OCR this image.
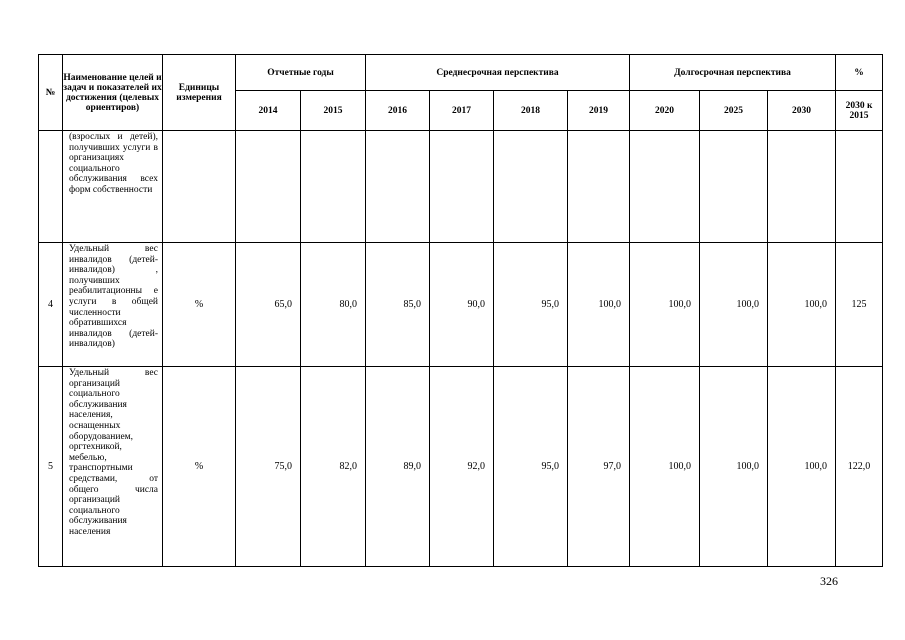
№	Наименование целей и задач и показателей их достижения (целевых ориентиров)	Единицы измерения	Отчетные годы		Среднесрочная перспектива				Долгосрочная перспектива			%
			2014	2015	2016	2017	2018	2019	2020	2025	2030	2030 к 2015
	(взрослых и детей), получивших услуги в организациях социального обслуживания всех форм собственности											
4	Удельный вес инвалидов (детей-инвалидов) , получивших реабилитационны е услуги в общей численности обратившихся инвалидов (детей-инвалидов)	%	65,0	80,0	85,0	90,0	95,0	100,0	100,0	100,0	100,0	125
5	Удельный вес организаций социального обслуживания населения, оснащенных оборудованием, оргтехникой, мебелью, транспортными средствами, от общего числа организаций социального обслуживания населения	%	75,0	82,0	89,0	92,0	95,0	97,0	100,0	100,0	100,0	122,0
326
